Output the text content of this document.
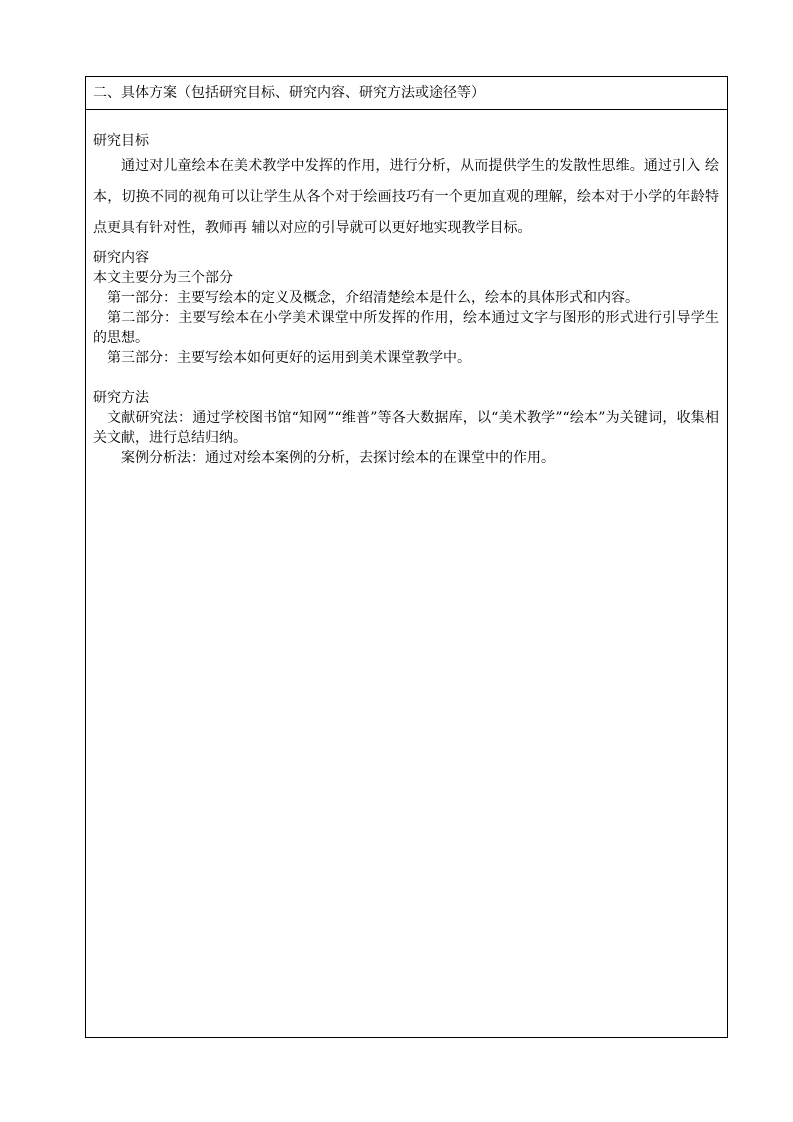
二、具体方案（包括研究目标、研究内容、研究方法或途径等）
研究目标

通过对儿童绘本在美术教学中发挥的作用，进行分析，从而提供学生的发散性思维。通过引入 绘本，切换不同的视角可以让学生从各个对于绘画技巧有一个更加直观的理解，绘本对于小学的年龄特点更具有针对性，教师再 辅以对应的引导就可以更好地实现教学目标。

研究内容
本文主要分为三个部分
第一部分：主要写绘本的定义及概念，介绍清楚绘本是什么，绘本的具体形式和内容。

第二部分：主要写绘本在小学美术课堂中所发挥的作用，绘本通过文字与图形的形式进行引导学生的思想。

第三部分：主要写绘本如何更好的运用到美术课堂教学中。
研究方法

文献研究法：通过学校图书馆“知网”“维普”等各大数据库，以“美术教学”“绘本”为关键词，收集相关文献，进行总结归纳。

案例分析法：通过对绘本案例的分析，去探讨绘本的在课堂中的作用。
